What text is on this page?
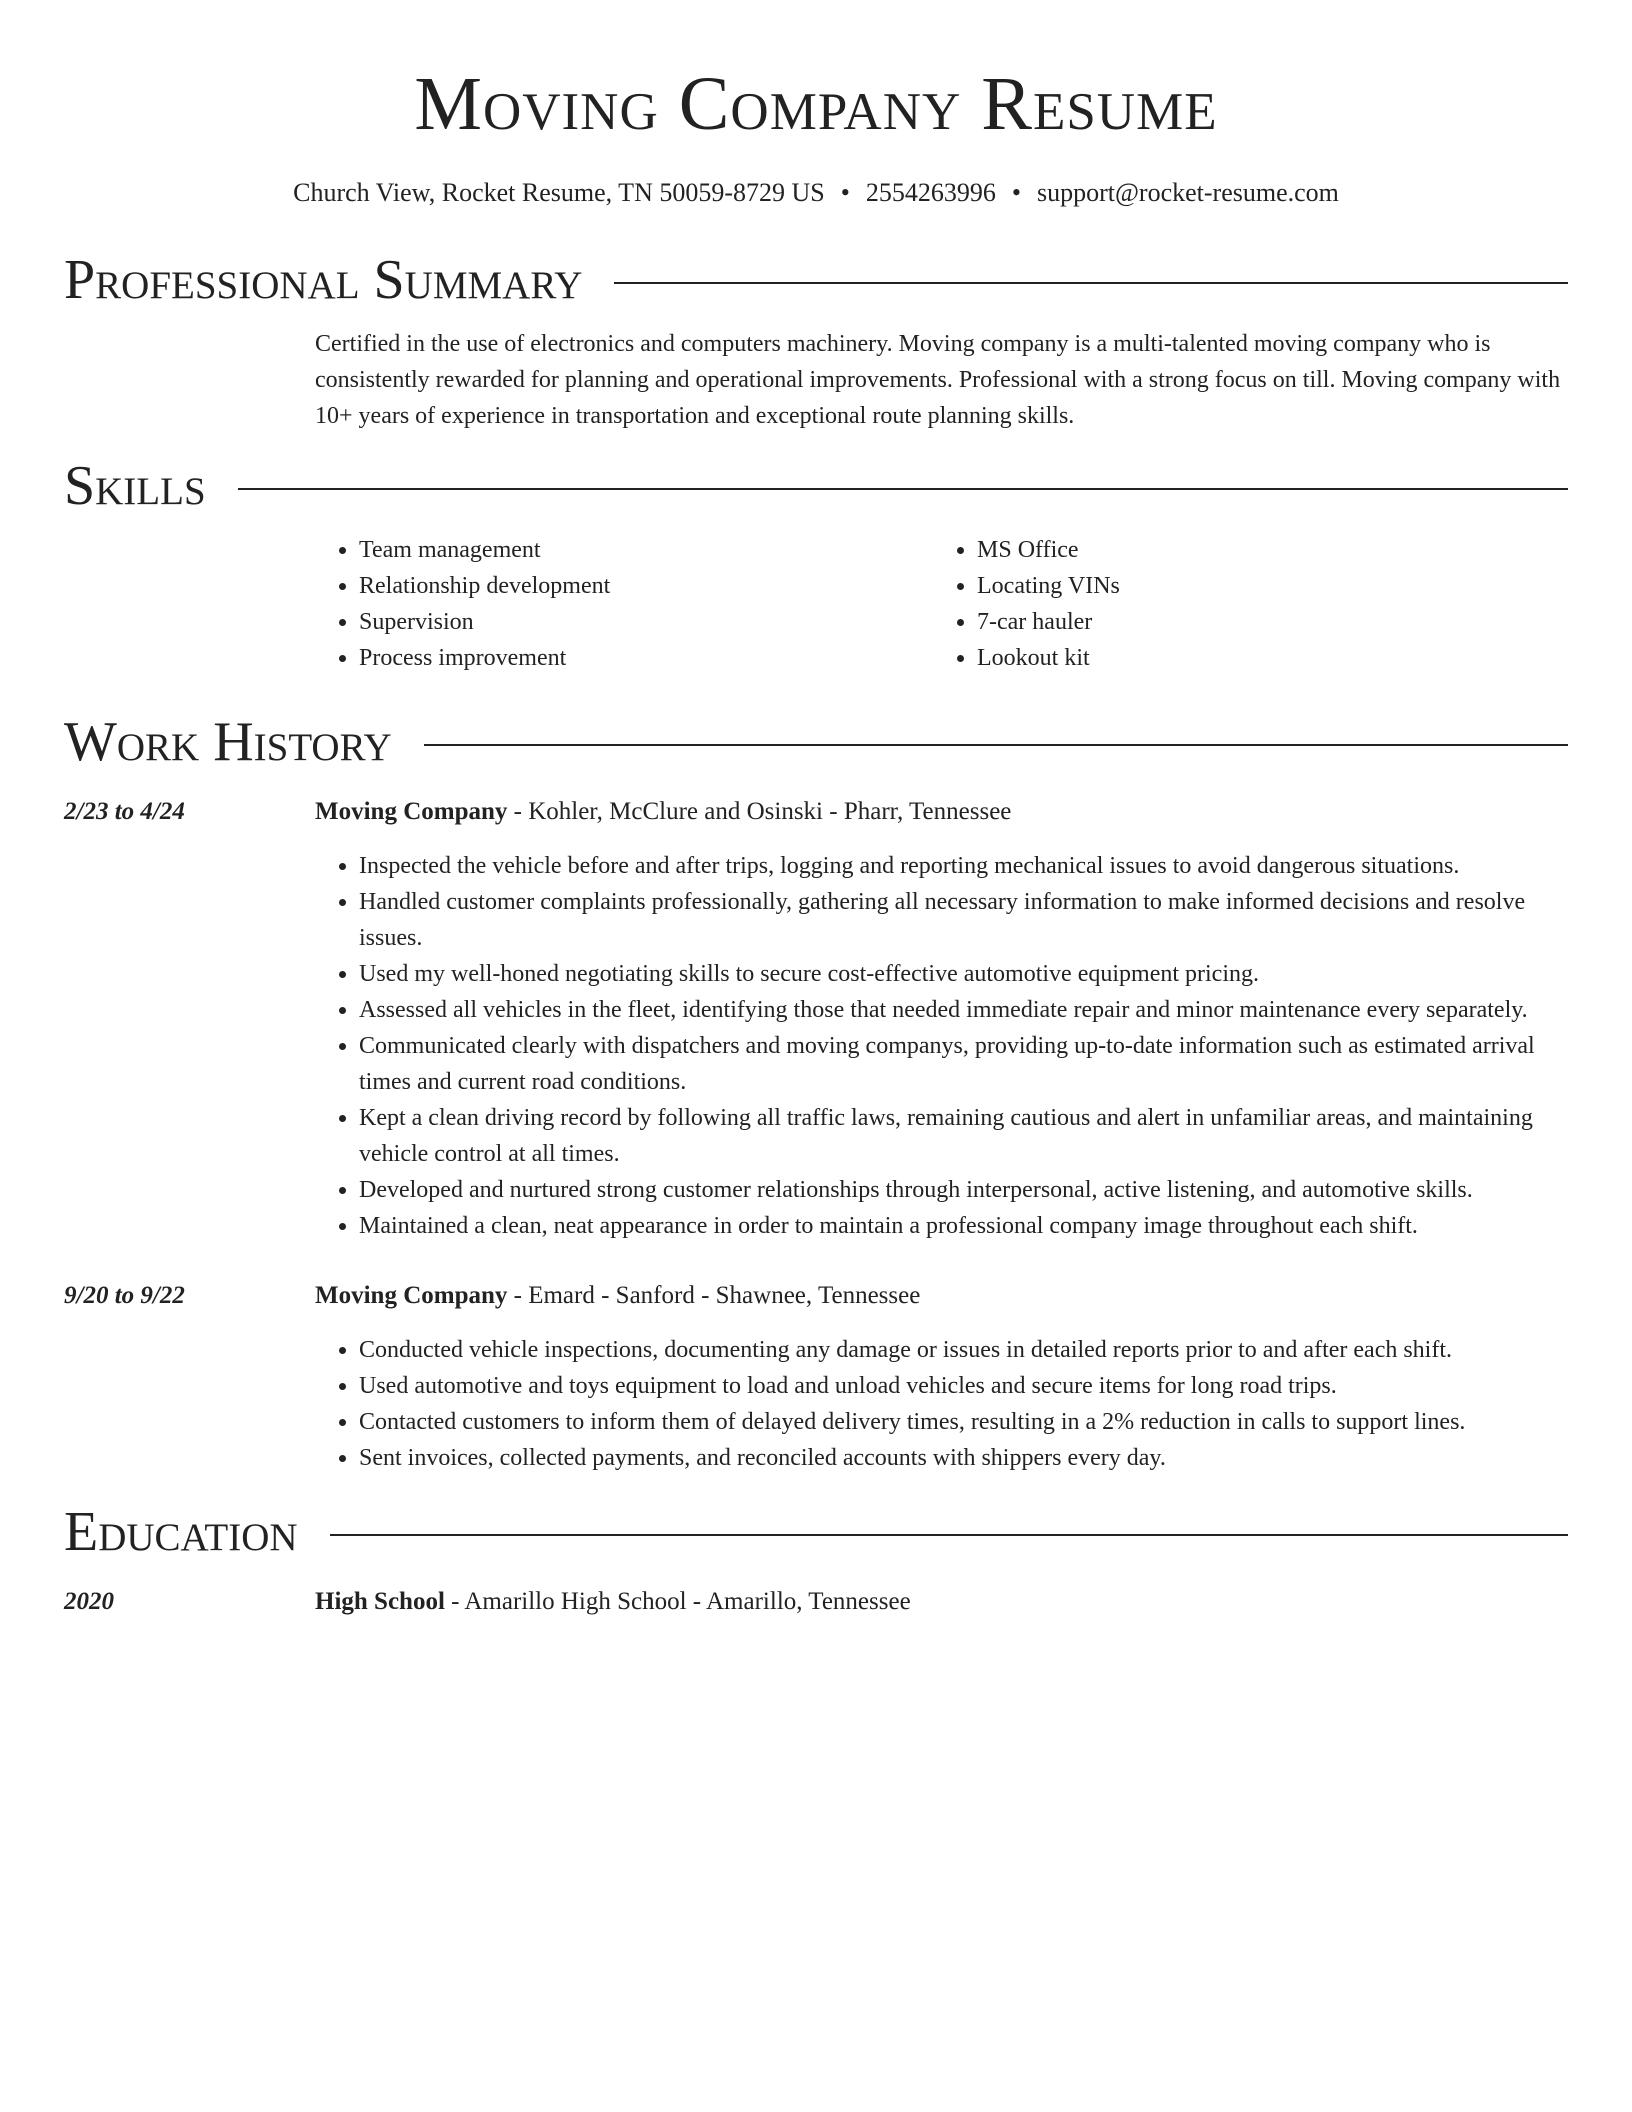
Moving Company Resume
Church View, Rocket Resume, TN 50059-8729 US • 2554263996 • support@rocket-resume.com
Professional Summary

Certified in the use of electronics and computers machinery. Moving company is a multi-talented moving company who is consistently rewarded for planning and operational improvements. Professional with a strong focus on till. Moving company with 10+ years of experience in transportation and exceptional route planning skills.

Skills
• Team management
• Relationship development
• Supervision
• Process improvement
• MS Office
• Locating VINs
• 7-car hauler
• Lookout kit
Work History
2/23 to 4/24	Moving Company - Kohler, McClure and Osinski - Pharr, Tennessee
• Inspected the vehicle before and after trips, logging and reporting mechanical issues to avoid dangerous situations.
• Handled customer complaints professionally, gathering all necessary information to make informed decisions and resolve issues.
• Used my well-honed negotiating skills to secure cost-effective automotive equipment pricing.
• Assessed all vehicles in the fleet, identifying those that needed immediate repair and minor maintenance every separately.
• Communicated clearly with dispatchers and moving companys, providing up-to-date information such as estimated arrival times and current road conditions.
• Kept a clean driving record by following all traffic laws, remaining cautious and alert in unfamiliar areas, and maintaining vehicle control at all times.
• Developed and nurtured strong customer relationships through interpersonal, active listening, and automotive skills.
• Maintained a clean, neat appearance in order to maintain a professional company image throughout each shift.
9/20 to 9/22	Moving Company - Emard - Sanford - Shawnee, Tennessee
• Conducted vehicle inspections, documenting any damage or issues in detailed reports prior to and after each shift.
• Used automotive and toys equipment to load and unload vehicles and secure items for long road trips.
• Contacted customers to inform them of delayed delivery times, resulting in a 2% reduction in calls to support lines.
• Sent invoices, collected payments, and reconciled accounts with shippers every day.
Education
2020	High School - Amarillo High School - Amarillo, Tennessee
